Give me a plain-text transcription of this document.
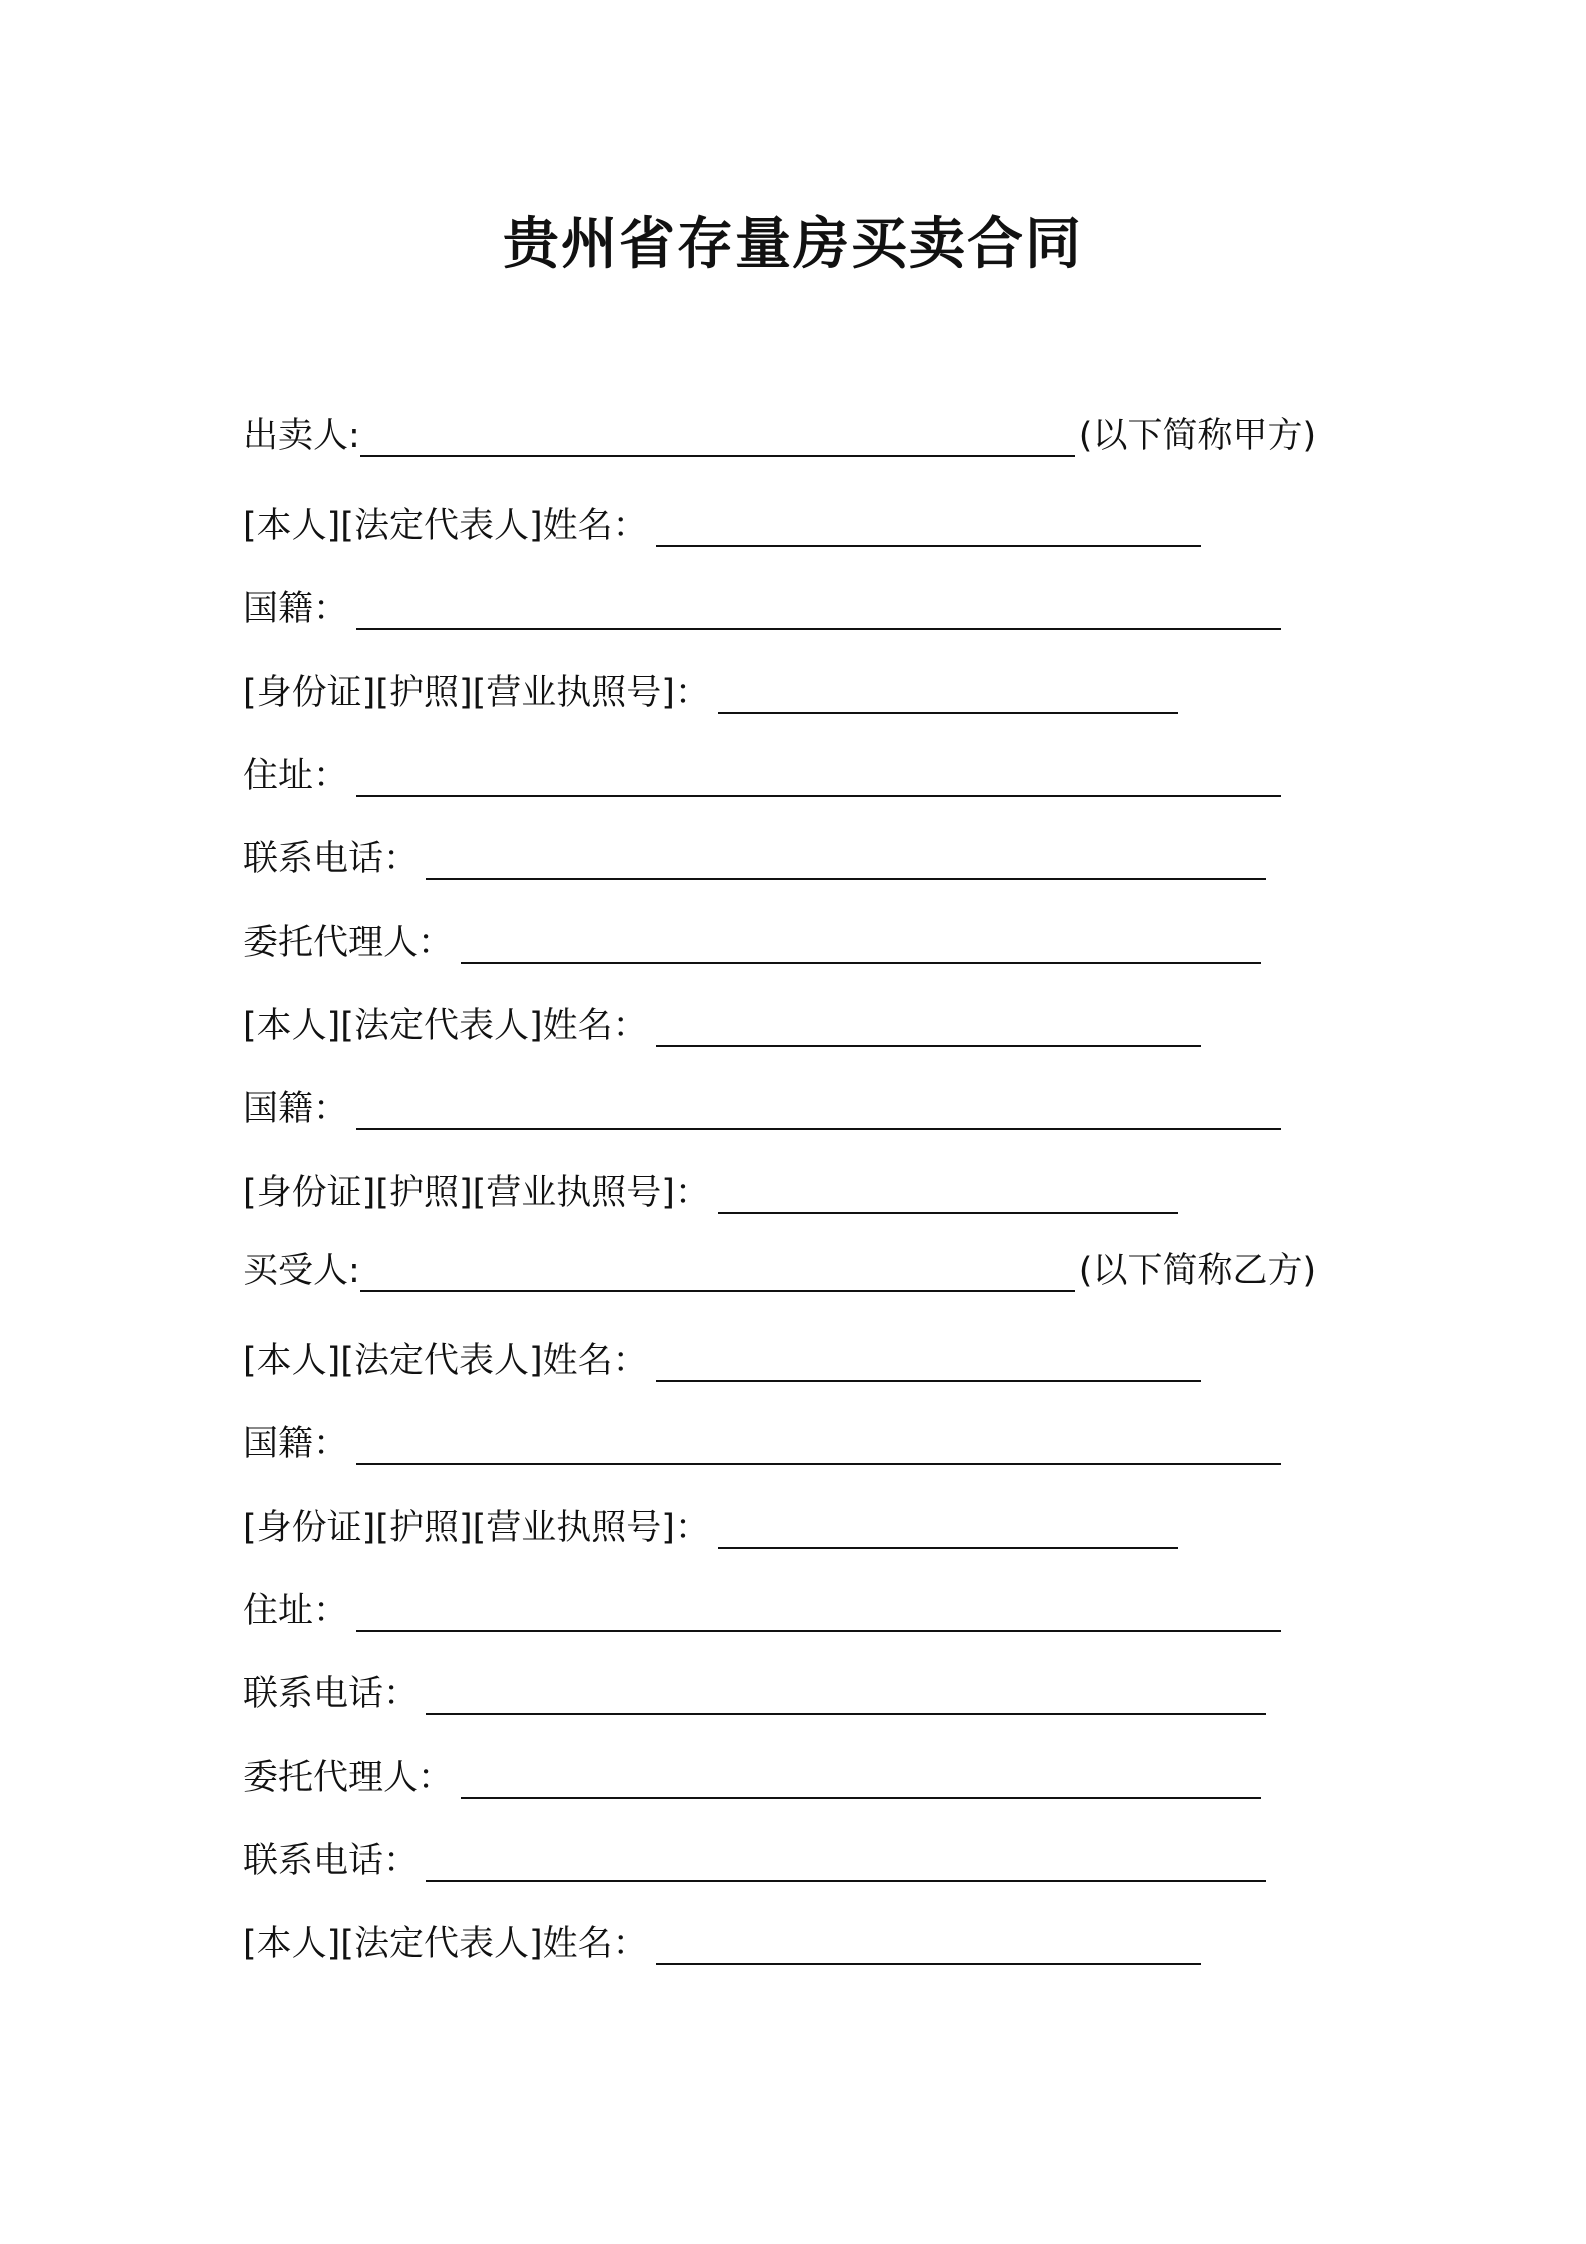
贵州省存量房买卖合同
出卖人:	(以下简称甲方)
[本人][法定代表人]姓名：
国籍：
[身份证][护照][营业执照号]：
住址：
联系电话：
委托代理人：
[本人][法定代表人]姓名：
国籍：
[身份证][护照][营业执照号]：
买受人:	(以下简称乙方)
[本人][法定代表人]姓名：
国籍：
[身份证][护照][营业执照号]：
住址：
联系电话：
委托代理人：
联系电话：
[本人][法定代表人]姓名：
